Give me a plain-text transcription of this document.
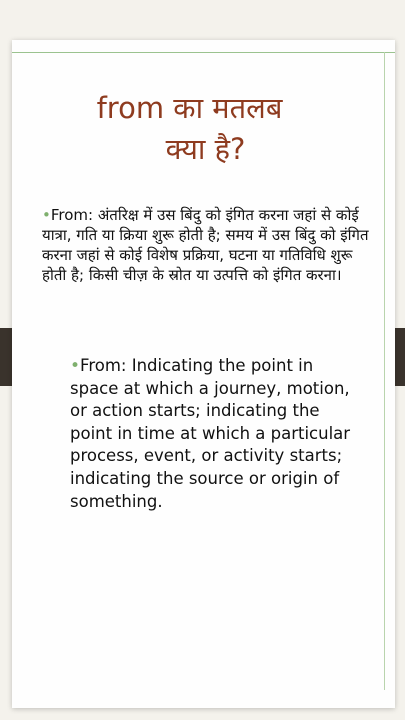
from का मतलब
क्या है?
•From: अंतरिक्ष में उस बिंदु को इंगित करना जहां से कोई यात्रा, गति या क्रिया शुरू होती है; समय में उस बिंदु को इंगित करना जहां से कोई विशेष प्रक्रिया, घटना या गतिविधि शुरू होती है; किसी चीज़ के स्रोत या उत्पत्ति को इंगित करना।
•From: Indicating the point in space at which a journey, motion, or action starts; indicating the point in time at which a particular process, event, or activity starts; indicating the source or origin of something.
